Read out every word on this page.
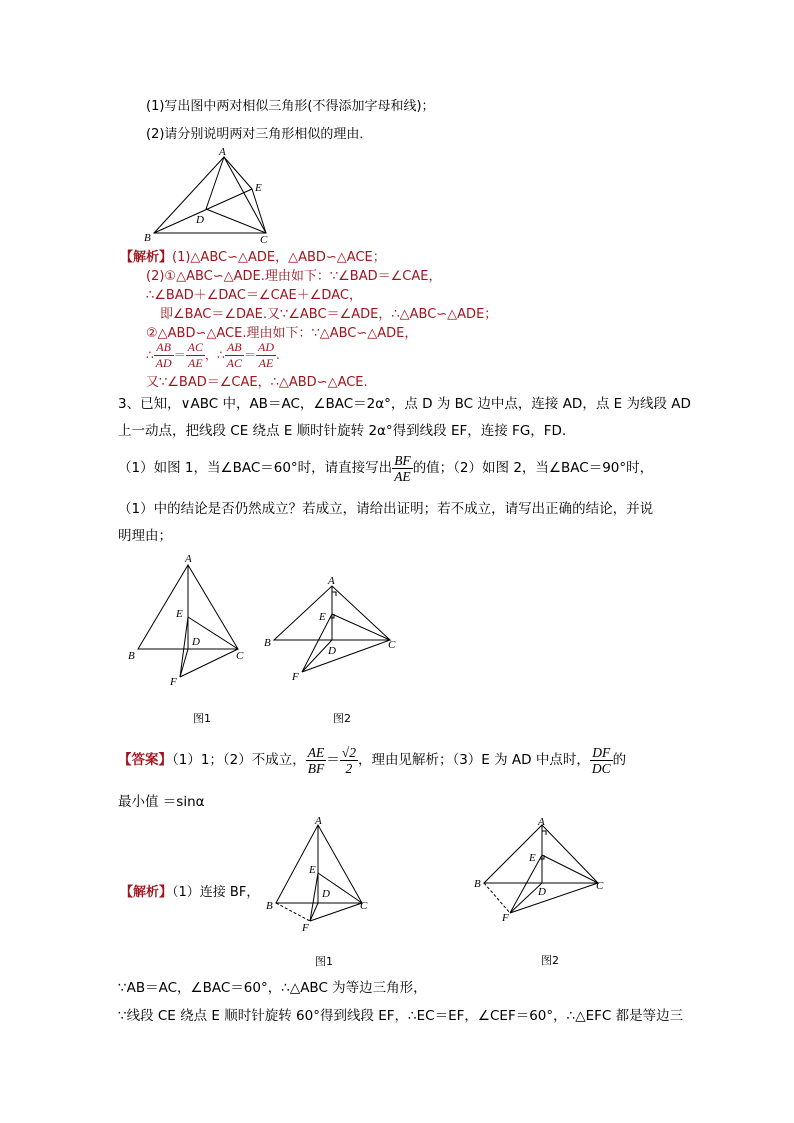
(1)写出图中两对相似三角形(不得添加字母和线)；
(2)请分别说明两对三角形相似的理由．
A
B	C
D
E
【解析】(1)△ABC∽△ADE，△ABD∽△ACE；
(2)①△ABC∽△ADE.理由如下：∵∠BAD＝∠CAE，
∴∠BAD＋∠DAC＝∠CAE＋∠DAC，
即∠BAC＝∠DAE.又∵∠ABC＝∠ADE，∴△ABC∽△ADE；
②△ABD∽△ACE.理由如下：∵△ABC∽△ADE，
∴ $\frac{AB}{AD} = \frac{AC}{AE}$ ，∴ $\frac{AB}{AC} = \frac{AD}{AE}$ .
又∵∠BAD＝∠CAE，∴△ABD∽△ACE.
3、已知，∨ABC 中，AB＝AC，∠BAC＝2α°，点 D 为 BC 边中点，连接 AD，点 E 为线段 AD
上一动点，把线段 CE 绕点 E 顺时针旋转 2α°得到线段 EF，连接 FG，FD．
（1）如图 1，当∠BAC＝60°时，请直接写出 $\frac{BF}{AE}$ 的值；（2）如图 2，当∠BAC＝90°时，
（1）中的结论是否仍然成立？若成立，请给出证明；若不成立，请写出正确的结论，并说
明理由；
A
B	C
D
E
F
图1
A
B	C
D
E
F
图2
【答案】（1）1；（2）不成立， $\frac{AE}{BF} = \frac{√2}{2}$ ，理由见解析；（3）E 为 AD 中点时， $\frac{DF}{DC}$ 的
最小值 ＝sinα
【解析】（1）连接 BF，
A
B	C
D
E
F
图1
A
B	C
D
E
F
图2
∵AB＝AC，∠BAC＝60°，∴△ABC 为等边三角形，
∵线段 CE 绕点 E 顺时针旋转 60°得到线段 EF，∴EC＝EF，∠CEF＝60°，∴△EFC 都是等边三
